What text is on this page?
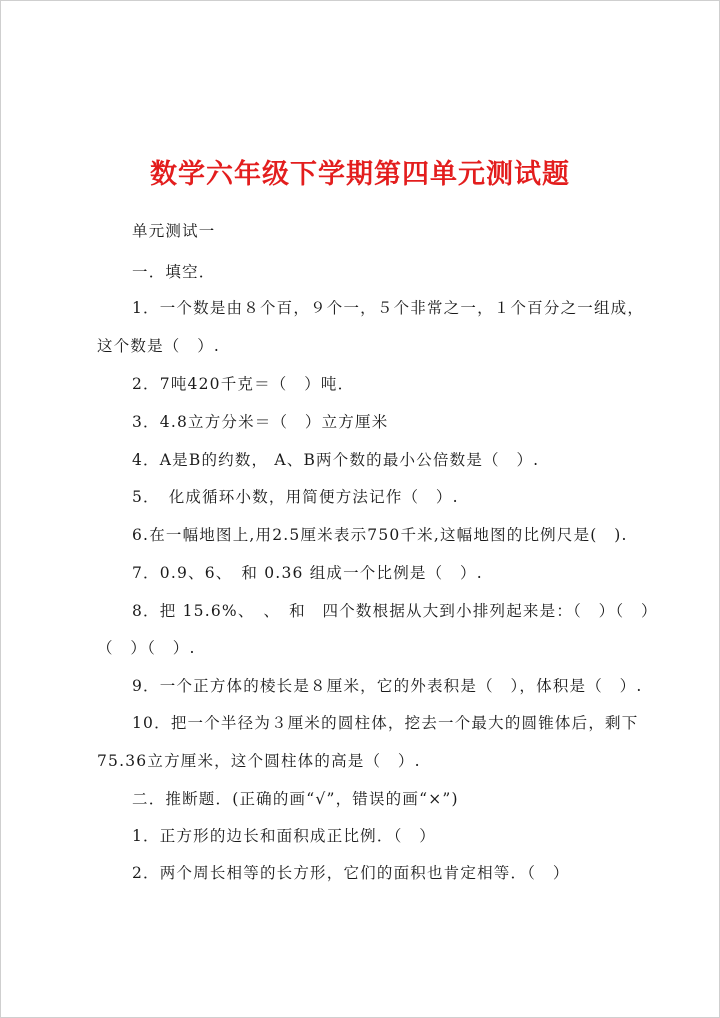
数学六年级下学期第四单元测试题
单元测试一
一．填空．
1．一个数是由８个百，９个一，５个非常之一，１个百分之一组成，
这个数是（　）.
2．7吨420千克＝（　）吨．
3．4.8立方分米＝（　）立方厘米
4．A是B的约数， A、B两个数的最小公倍数是（　）.
5．　化成循环小数，用简便方法记作（　）.
6.在一幅地图上,用2.5厘米表示750千米,这幅地图的比例尺是(　).
7．0.9、6、　和 0.36 组成一个比例是（　）.
8．把 15.6%、　、　和　四个数根据从大到小排列起来是：（　）（　）
（　）（　）.
9．一个正方体的棱长是８厘米，它的外表积是（　），体积是（　）.
10．把一个半径为３厘米的圆柱体，挖去一个最大的圆锥体后，剩下
75.36立方厘米，这个圆柱体的高是（　）.
二．推断题．(正确的画“√”，错误的画“×”)
1．正方形的边长和面积成正比例．（　）
2．两个周长相等的长方形，它们的面积也肯定相等．（　）
